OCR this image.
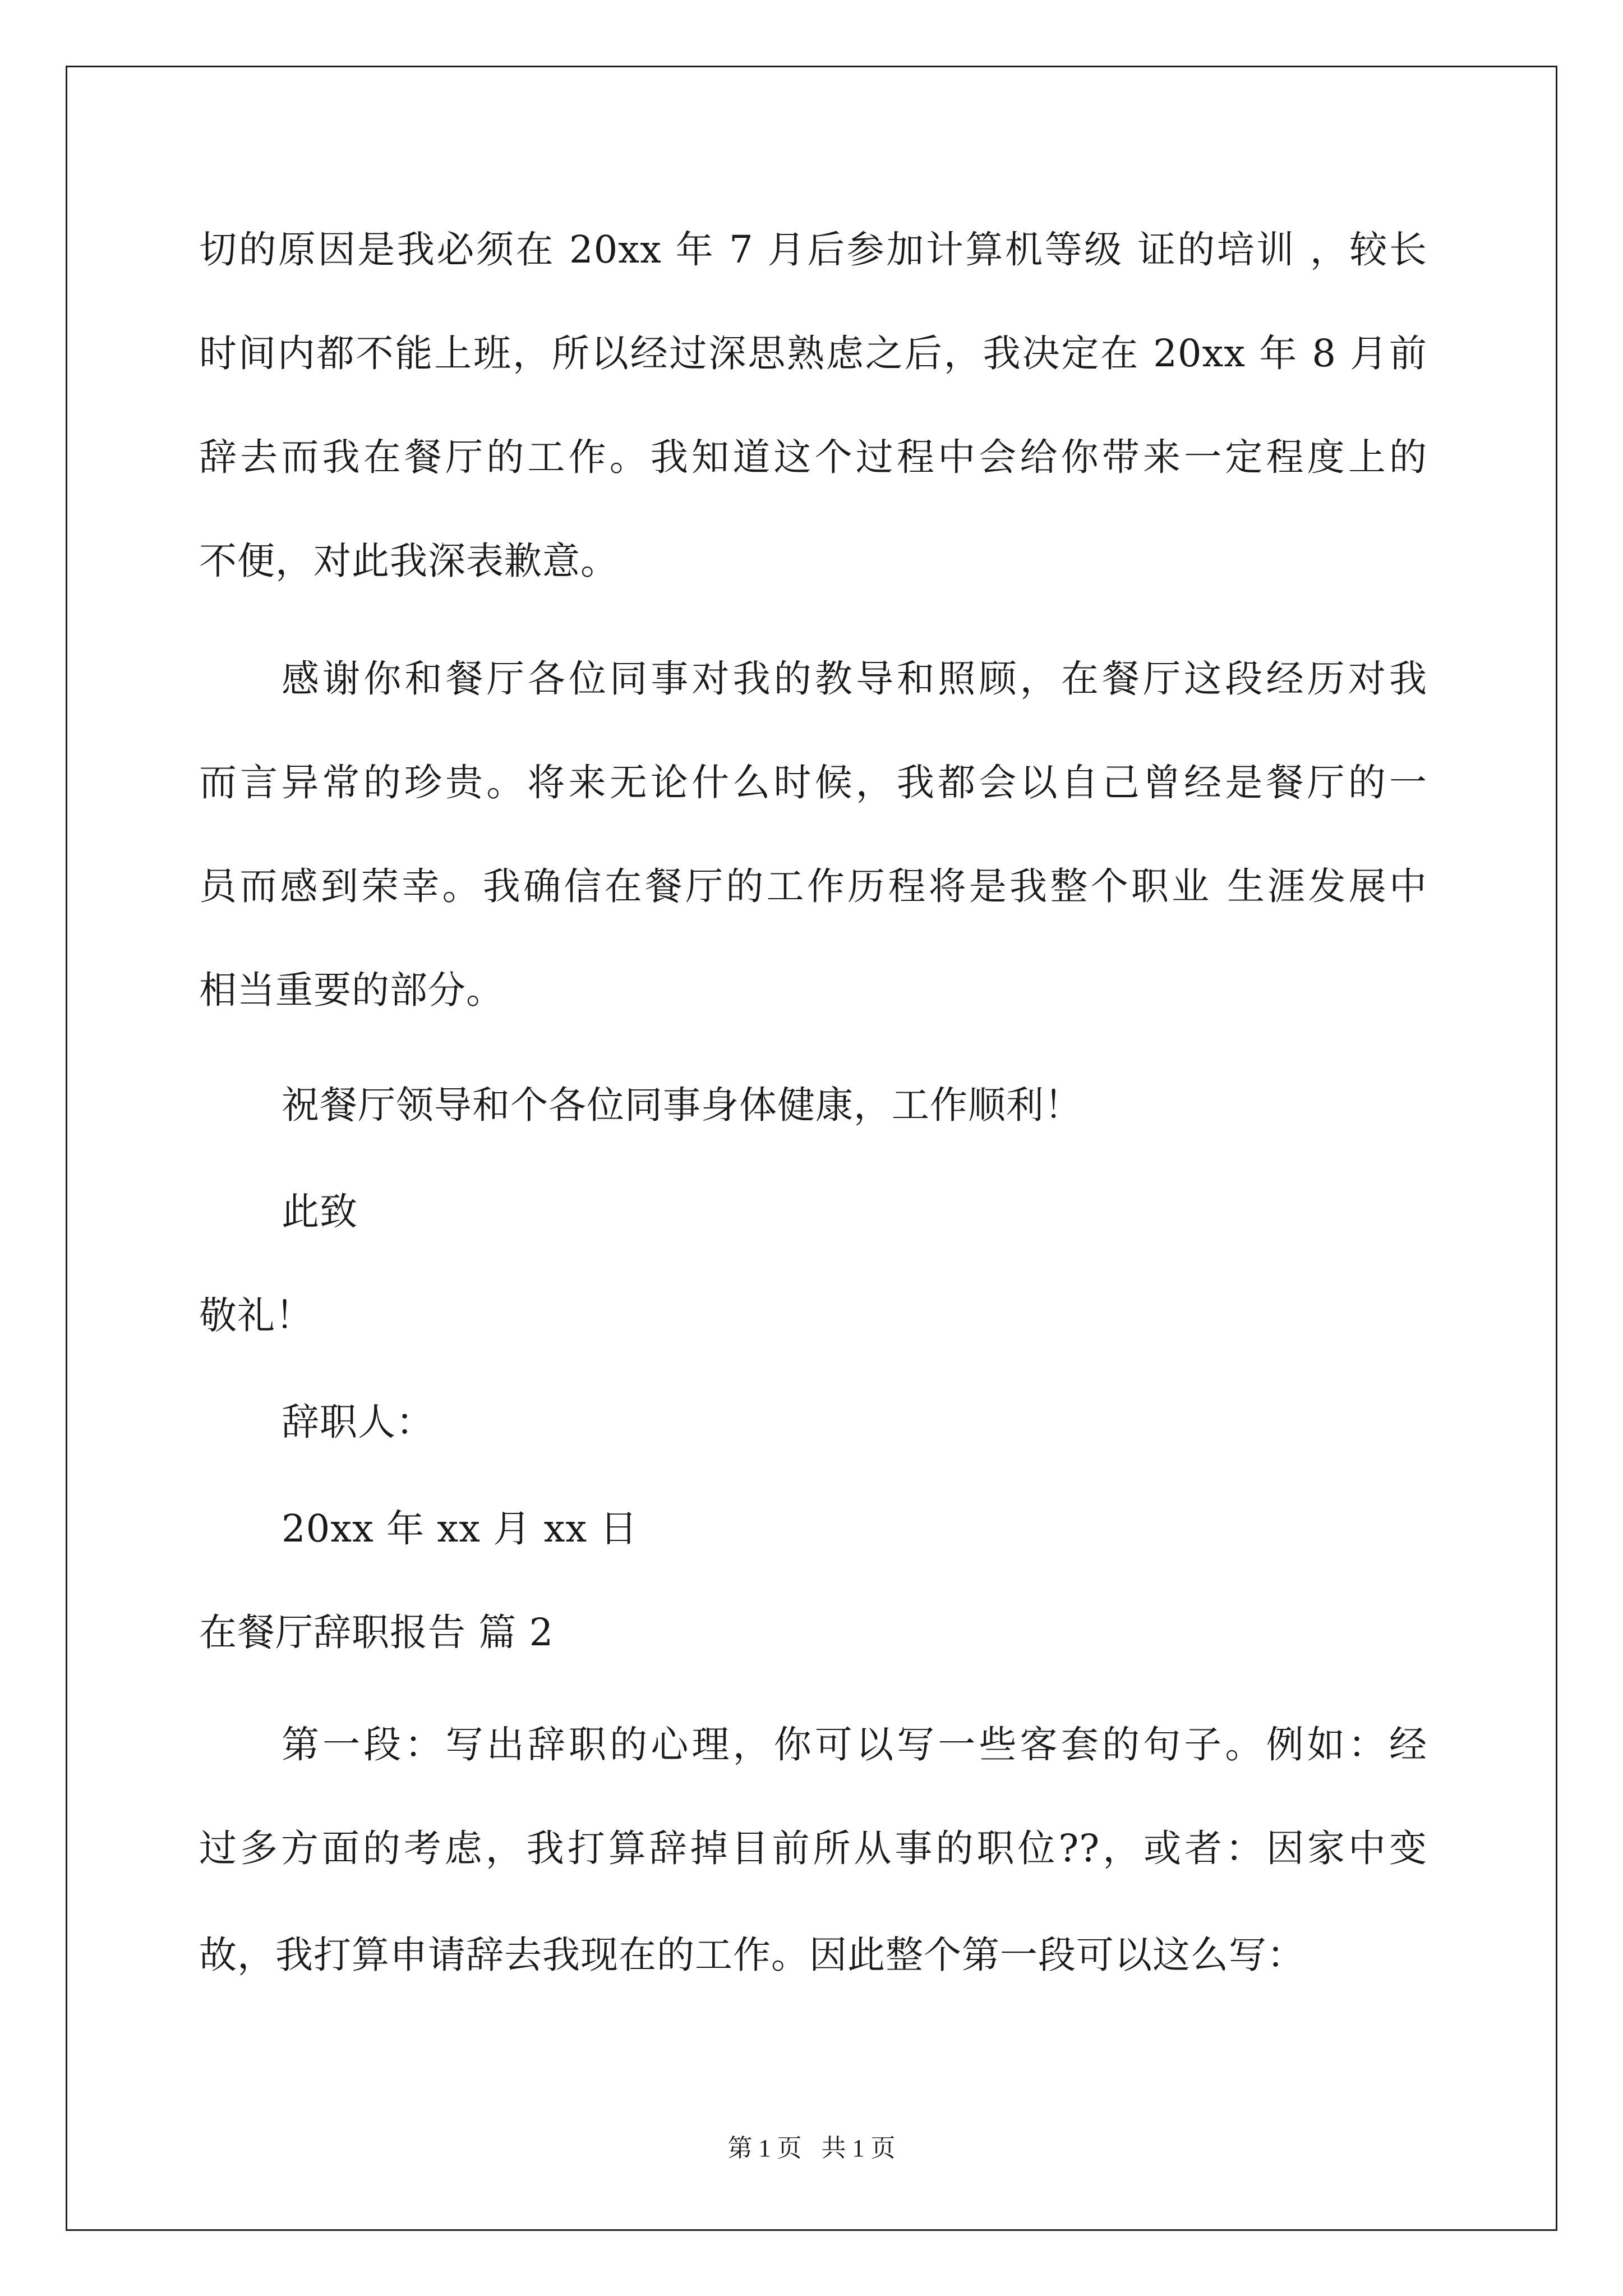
切的原因是我必须在 20xx 年 7 月后参加计算机等级 证的培训 ，较长
时间内都不能上班，所以经过深思熟虑之后，我决定在 20xx 年 8 月前
辞去而我在餐厅的工作。我知道这个过程中会给你带来一定程度上的
不便，对此我深表歉意。
感谢你和餐厅各位同事对我的教导和照顾，在餐厅这段经历对我
而言异常的珍贵。将来无论什么时候，我都会以自己曾经是餐厅的一
员而感到荣幸。我确信在餐厅的工作历程将是我整个职业 生涯发展中
相当重要的部分。
祝餐厅领导和个各位同事身体健康，工作顺利！
此致
敬礼！
辞职人：
20xx 年 xx 月 xx 日
在餐厅辞职报告 篇 2
第一段：写出辞职的心理，你可以写一些客套的句子。例如：经
过多方面的考虑，我打算辞掉目前所从事的职位??，或者：因家中变
故，我打算申请辞去我现在的工作。因此整个第一段可以这么写：
第 1 页 共 1 页
